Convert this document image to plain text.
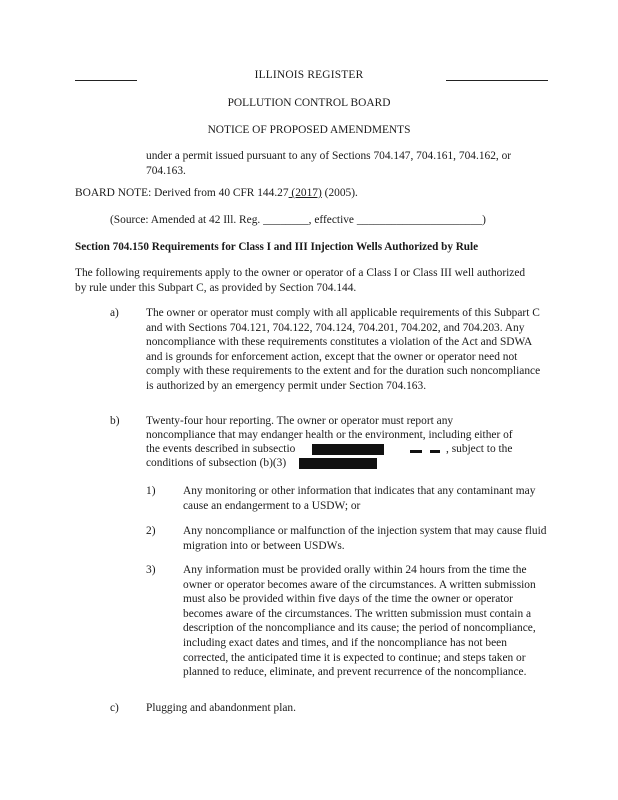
ILLINOIS REGISTER
POLLUTION CONTROL BOARD
NOTICE OF PROPOSED AMENDMENTS
under a permit issued pursuant to any of Sections 704.147, 704.161, 704.162, or
704.163.
BOARD NOTE: Derived from 40 CFR 144.27 (2017) (2005).
(Source: Amended at 42 Ill. Reg. ________, effective ______________________)
Section 704.150 Requirements for Class I and III Injection Wells Authorized by Rule
The following requirements apply to the owner or operator of a Class I or Class III well authorized by rule under this Subpart C, as provided by Section 704.144.
a) The owner or operator must comply with all applicable requirements of this Subpart C and with Sections 704.121, 704.122, 704.124, 704.201, 704.202, and 704.203. Any noncompliance with these requirements constitutes a violation of the Act and SDWA and is grounds for enforcement action, except that the owner or operator need not comply with these requirements to the extent and for the duration such noncompliance is authorized by an emergency permit under Section 704.163.
b) Twenty-four hour reporting. The owner or operator must report any
noncompliance that may endanger health or the environment, including either of
the events described in subsectio	, subject to the
conditions of subsection (b)(3)
1) Any monitoring or other information that indicates that any contaminant may cause an endangerment to a USDW; or
2) Any noncompliance or malfunction of the injection system that may cause fluid migration into or between USDWs.
3) Any information must be provided orally within 24 hours from the time the owner or operator becomes aware of the circumstances. A written submission must also be provided within five days of the time the owner or operator becomes aware of the circumstances. The written submission must contain a description of the noncompliance and its cause; the period of noncompliance, including exact dates and times, and if the noncompliance has not been corrected, the anticipated time it is expected to continue; and steps taken or planned to reduce, eliminate, and prevent recurrence of the noncompliance.
c) Plugging and abandonment plan.
